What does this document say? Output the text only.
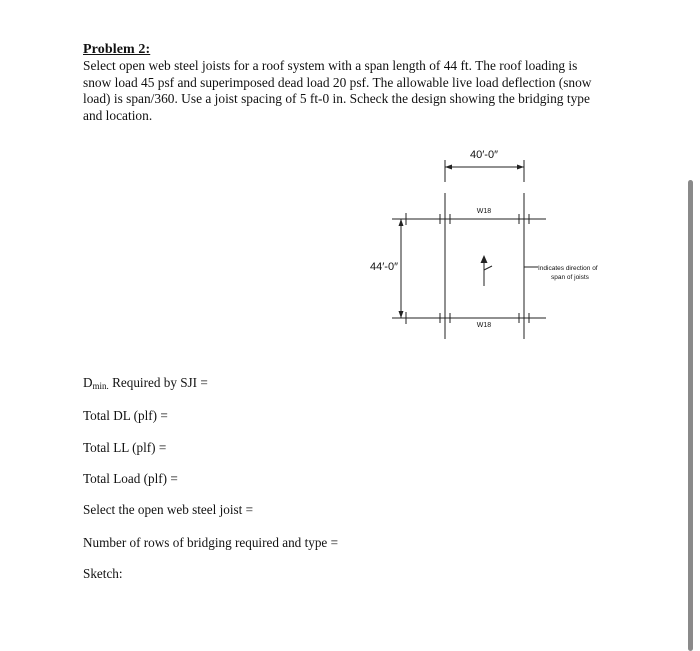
Problem 2:
Select open web steel joists for a roof system with a span length of 44 ft. The roof loading is
snow load 45 psf and superimposed dead load 20 psf. The allowable live load deflection (snow
load) is span/360. Use a joist spacing of 5 ft-0 in. Scheck the design showing the bridging type
and location.
40′-0″
44′-0″
W18
W18
Indicates direction of
span of joists
$D_{min.}$ Required by SJI =
Total DL (plf) =
Total LL (plf) =
Total Load (plf) =
Select the open web steel joist =
Number of rows of bridging required and type =
Sketch:
